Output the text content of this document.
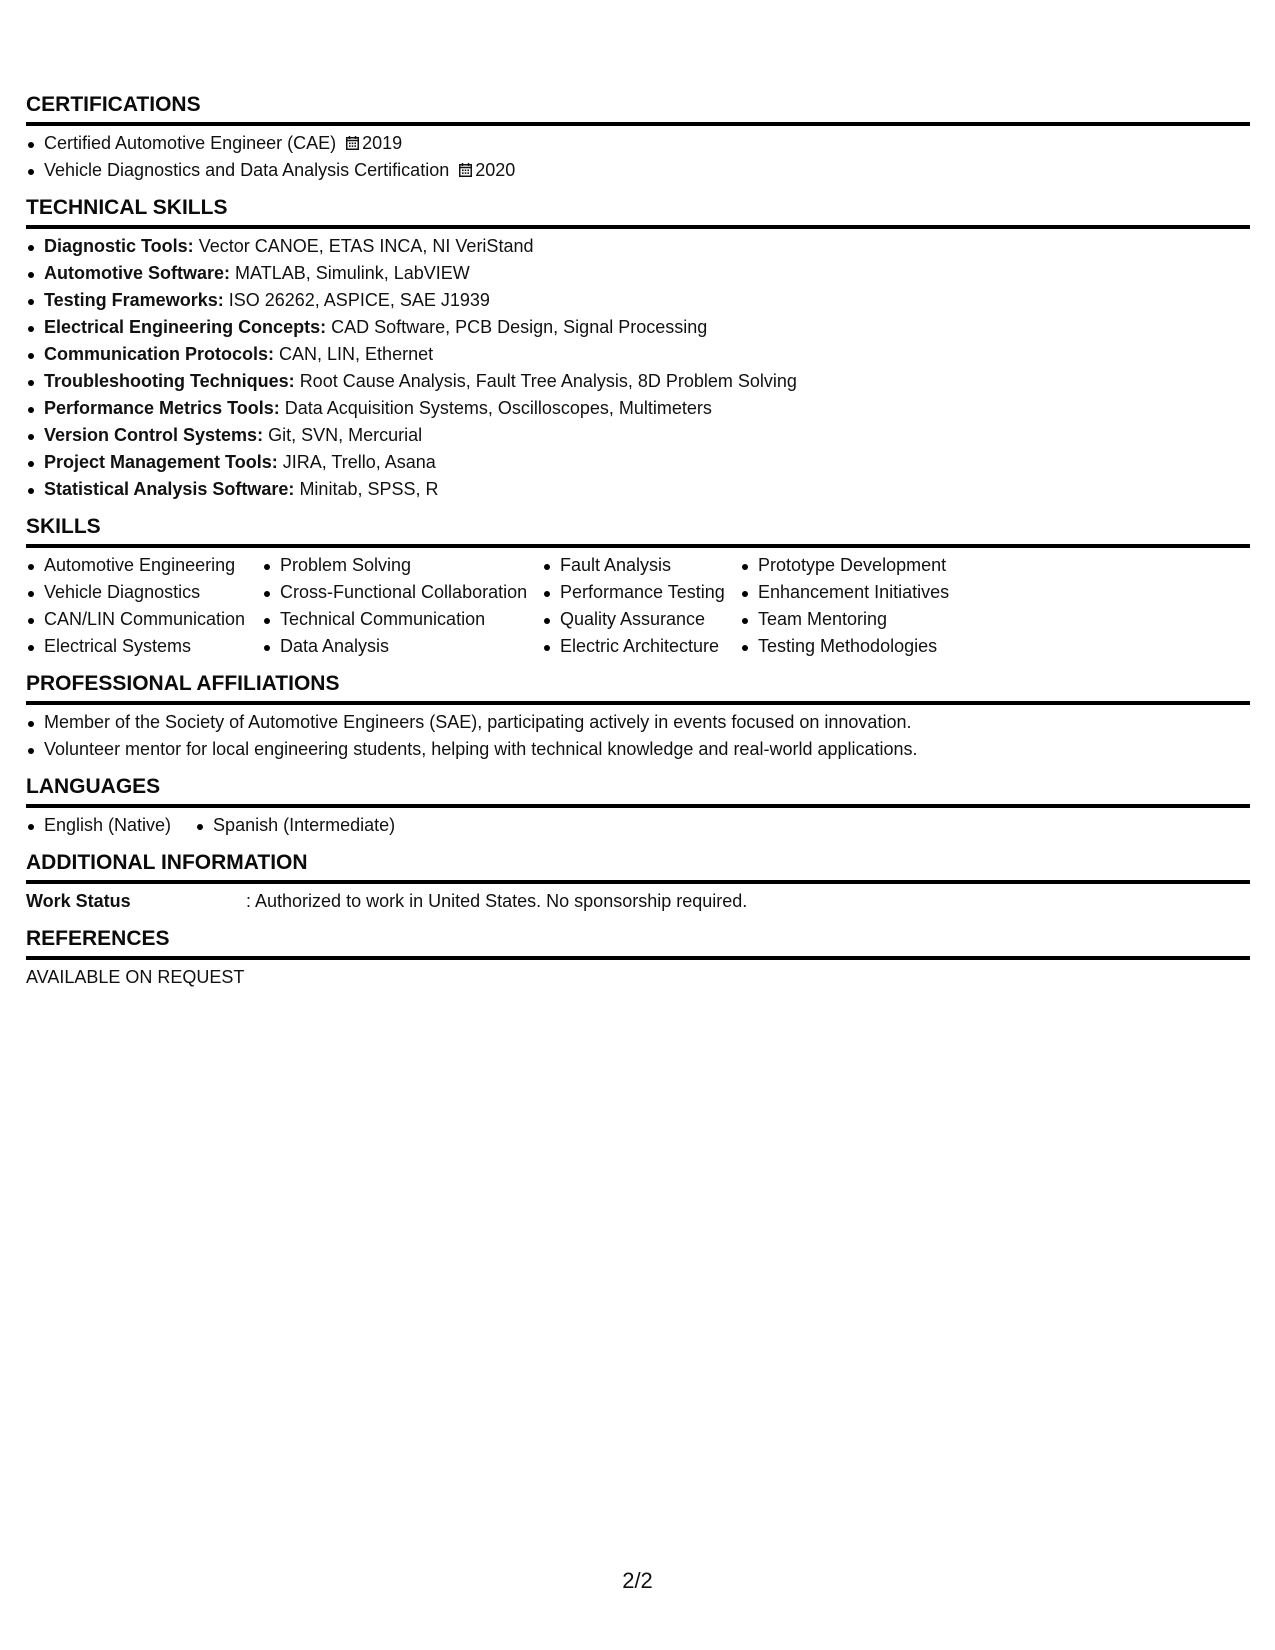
CERTIFICATIONS
Certified Automotive Engineer (CAE) 2019
Vehicle Diagnostics and Data Analysis Certification 2020
TECHNICAL SKILLS
Diagnostic Tools: Vector CANOE, ETAS INCA, NI VeriStand
Automotive Software: MATLAB, Simulink, LabVIEW
Testing Frameworks: ISO 26262, ASPICE, SAE J1939
Electrical Engineering Concepts: CAD Software, PCB Design, Signal Processing
Communication Protocols: CAN, LIN, Ethernet
Troubleshooting Techniques: Root Cause Analysis, Fault Tree Analysis, 8D Problem Solving
Performance Metrics Tools: Data Acquisition Systems, Oscilloscopes, Multimeters
Version Control Systems: Git, SVN, Mercurial
Project Management Tools: JIRA, Trello, Asana
Statistical Analysis Software: Minitab, SPSS, R
SKILLS
Automotive Engineering
Vehicle Diagnostics
CAN/LIN Communication
Electrical Systems
Problem Solving
Cross-Functional Collaboration
Technical Communication
Data Analysis
Fault Analysis
Performance Testing
Quality Assurance
Electric Architecture
Prototype Development
Enhancement Initiatives
Team Mentoring
Testing Methodologies
PROFESSIONAL AFFILIATIONS
Member of the Society of Automotive Engineers (SAE), participating actively in events focused on innovation.
Volunteer mentor for local engineering students, helping with technical knowledge and real-world applications.
LANGUAGES
English (Native)	Spanish (Intermediate)
ADDITIONAL INFORMATION
Work Status	: Authorized to work in United States. No sponsorship required.
REFERENCES
AVAILABLE ON REQUEST
2/2
